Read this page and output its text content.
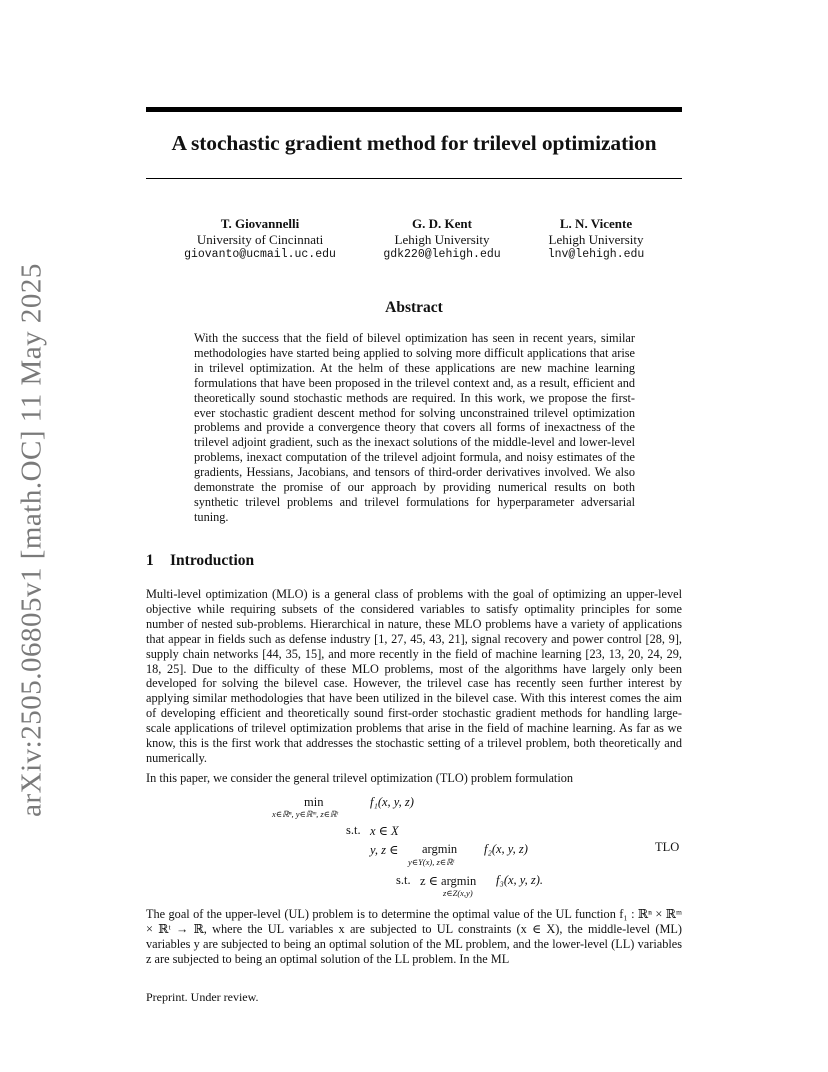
arXiv:2505.06805v1 [math.OC] 11 May 2025
A stochastic gradient method for trilevel optimization
T. Giovannelli
University of Cincinnati
giovanto@ucmail.uc.edu
G. D. Kent
Lehigh University
gdk220@lehigh.edu
L. N. Vicente
Lehigh University
lnv@lehigh.edu
Abstract
With the success that the field of bilevel optimization has seen in recent years, similar methodologies have started being applied to solving more difficult applications that arise in trilevel optimization. At the helm of these applications are new machine learning formulations that have been proposed in the trilevel context and, as a result, efficient and theoretically sound stochastic methods are required. In this work, we propose the first-ever stochastic gradient descent method for solving unconstrained trilevel optimization problems and provide a convergence theory that covers all forms of inexactness of the trilevel adjoint gradient, such as the inexact solutions of the middle-level and lower-level problems, inexact computation of the trilevel adjoint formula, and noisy estimates of the gradients, Hessians, Jacobians, and tensors of third-order derivatives involved. We also demonstrate the promise of our approach by providing numerical results on both synthetic trilevel problems and trilevel formulations for hyperparameter adversarial tuning.
1 Introduction
Multi-level optimization (MLO) is a general class of problems with the goal of optimizing an upper-level objective while requiring subsets of the considered variables to satisfy optimality principles for some number of nested sub-problems. Hierarchical in nature, these MLO problems have a variety of applications that appear in fields such as defense industry [1, 27, 45, 43, 21], signal recovery and power control [28, 9], supply chain networks [44, 35, 15], and more recently in the field of machine learning [23, 13, 20, 24, 29, 18, 25]. Due to the difficulty of these MLO problems, most of the algorithms have largely only been developed for solving the bilevel case. However, the trilevel case has recently seen further interest by applying similar methodologies that have been utilized in the bilevel case. With this interest comes the aim of developing efficient and theoretically sound first-order stochastic gradient methods for handling large-scale applications of trilevel optimization problems that arise in the field of machine learning. As far as we know, this is the first work that addresses the stochastic setting of a trilevel problem, both theoretically and numerically.
In this paper, we consider the general trilevel optimization (TLO) problem formulation
min
x∈ℝⁿ, y∈ℝᵐ, z∈ℝᵗ
f₁(x, y, z)
s.t. x ∈ X
y, z ∈ argmin
y∈Y(x), z∈ℝᵗ
f₂(x, y, z)
s.t. z ∈ argmin
z∈Z(x,y)
f₃(x, y, z).
TLO
The goal of the upper-level (UL) problem is to determine the optimal value of the UL function f₁ : ℝⁿ × ℝᵐ × ℝᵗ → ℝ, where the UL variables x are subjected to UL constraints (x ∈ X), the middle-level (ML) variables y are subjected to being an optimal solution of the ML problem, and the lower-level (LL) variables z are subjected to being an optimal solution of the LL problem. In the ML
Preprint. Under review.
